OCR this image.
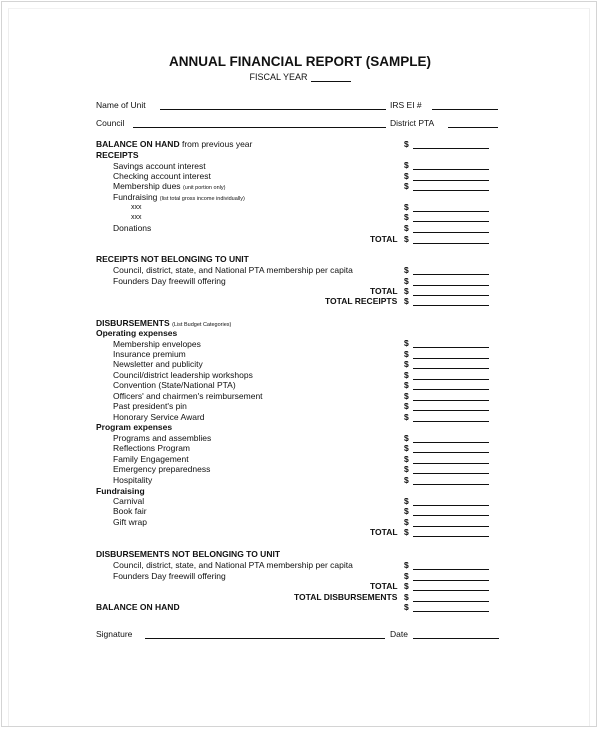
ANNUAL FINANCIAL REPORT (SAMPLE)
FISCAL YEAR
Name of Unit	IRS EI #
Council	District PTA
BALANCE ON HAND from previous year	$
RECEIPTS
Savings account interest	$
Checking account interest	$
Membership dues (unit portion only)	$
Fundraising (list total gross income individually)
xxx	$
xxx	$
Donations	$
TOTAL $
RECEIPTS NOT BELONGING TO UNIT
Council, district, state, and National PTA membership per capita	$
Founders Day freewill offering	$
TOTAL $
TOTAL RECEIPTS $
DISBURSEMENTS (List Budget Categories)
Operating expenses
Membership envelopes	$
Insurance premium	$
Newsletter and publicity	$
Council/district leadership workshops	$
Convention (State/National PTA)	$
Officers' and chairmen's reimbursement	$
Past president's pin	$
Honorary Service Award	$
Program expenses
Programs and assemblies	$
Reflections Program	$
Family Engagement	$
Emergency preparedness	$
Hospitality	$
Fundraising
Carnival	$
Book fair	$
Gift wrap	$
TOTAL $
DISBURSEMENTS NOT BELONGING TO UNIT
Council, district, state, and National PTA membership per capita	$
Founders Day freewill offering	$
TOTAL $
TOTAL DISBURSEMENTS $
BALANCE ON HAND	$
Signature	Date
